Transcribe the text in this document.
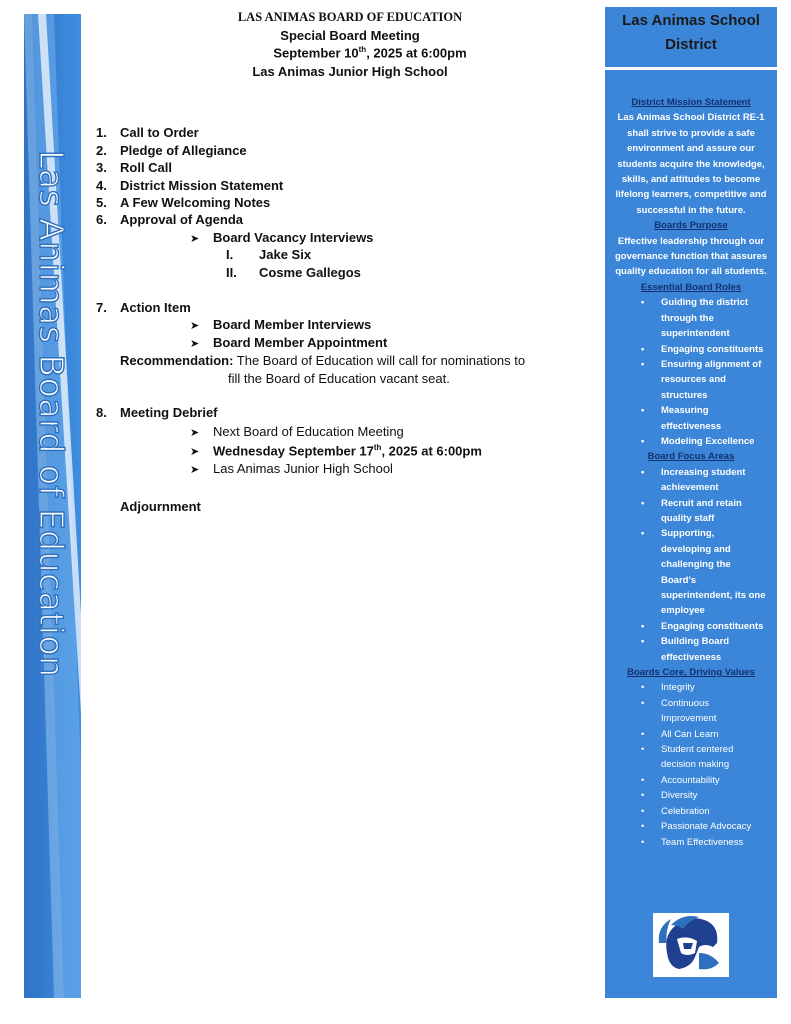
Las Animas Board of Education
LAS ANIMAS BOARD OF EDUCATION
Special Board Meeting
September 10th, 2025 at 6:00pm
Las Animas Junior High School
1.	Call to Order
2.	Pledge of Allegiance
3.	Roll Call
4.	District Mission Statement
5.	A Few Welcoming Notes
6.	Approval of Agenda
➤ Board Vacancy Interviews
I. Jake Six
II. Cosme Gallegos
7.	Action Item
➤ Board Member Interviews
➤ Board Member Appointment
Recommendation: The Board of Education will call for nominations to
fill the Board of Education vacant seat.
8.	Meeting Debrief
➤ Next Board of Education Meeting
➤ Wednesday September 17th, 2025 at 6:00pm
➤ Las Animas Junior High School
Adjournment
Las Animas School
District
District Mission Statement
Las Animas School District RE-1 shall strive to provide a safe environment and assure our students acquire the knowledge, skills, and attitudes to become lifelong learners, competitive and successful in the future.
Boards Purpose
Effective leadership through our governance function that assures quality education for all students.
Essential Board Roles
• Guiding the district through the superintendent
• Engaging constituents
• Ensuring alignment of resources and structures
• Measuring effectiveness
• Modeling Excellence
Board Focus Areas
• Increasing student achievement
• Recruit and retain quality staff
• Supporting, developing and challenging the Board's superintendent, its one employee
• Engaging constituents
• Building Board effectiveness
Boards Core, Driving Values
• Integrity
• Continuous Improvement
• All Can Learn
• Student centered decision making
• Accountability
• Diversity
• Celebration
• Passionate Advocacy
• Team Effectiveness
